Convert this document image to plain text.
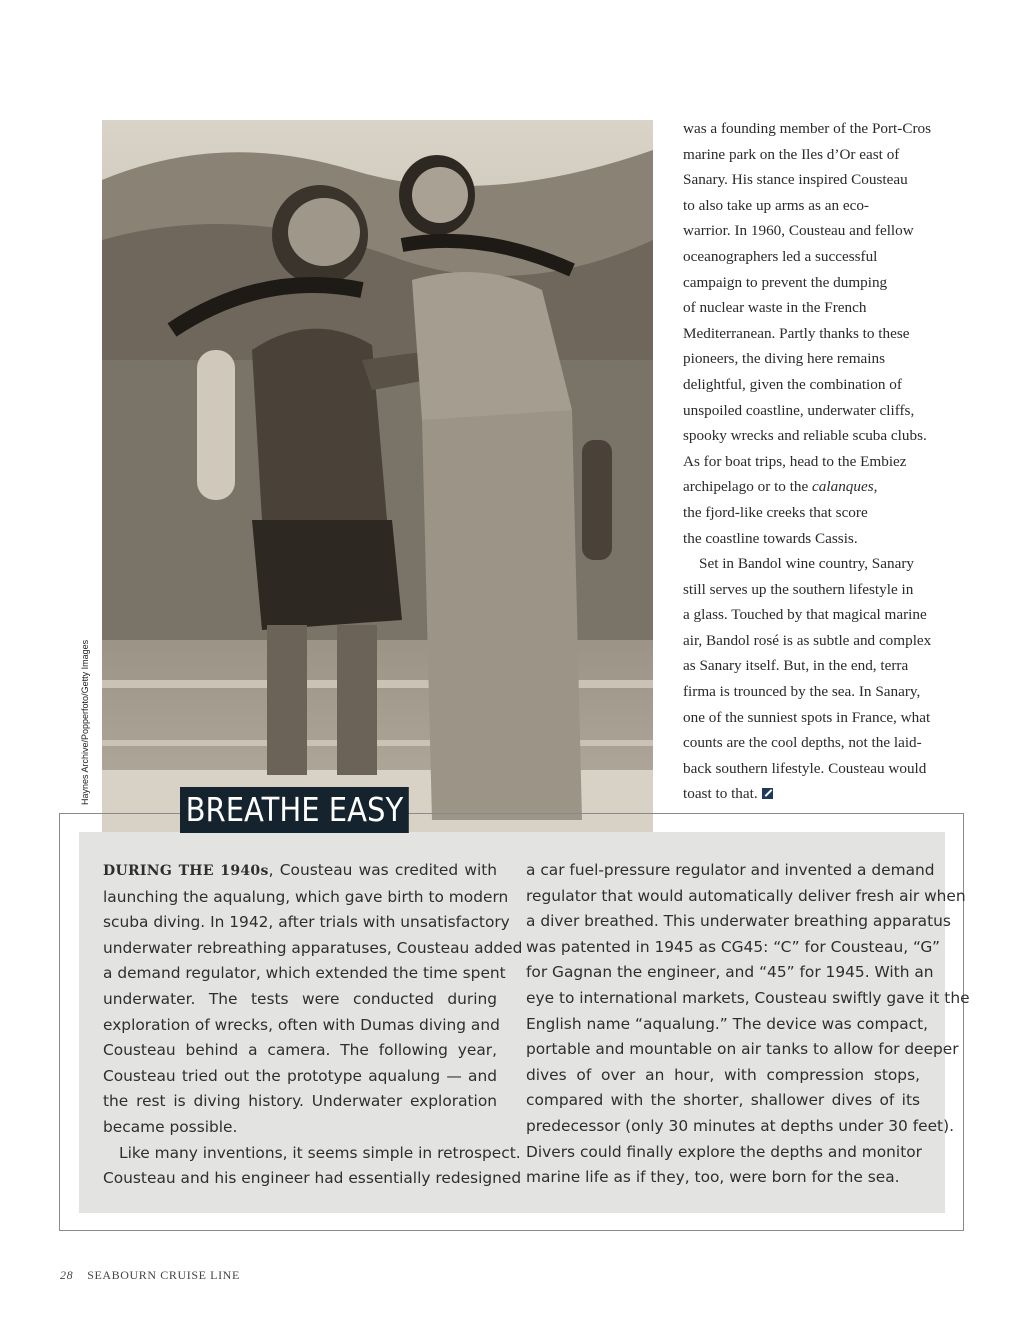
Haynes Archive/Popperfoto/Getty Images
was a founding member of the Port-Cros
marine park on the Iles d’Or east of
Sanary. His stance inspired Cousteau
to also take up arms as an eco-
warrior. In 1960, Cousteau and fellow
oceanographers led a successful
campaign to prevent the dumping
of nuclear waste in the French
Mediterranean. Partly thanks to these
pioneers, the diving here remains
delightful, given the combination of
unspoiled coastline, underwater cliffs,
spooky wrecks and reliable scuba clubs.
As for boat trips, head to the Embiez
archipelago or to the calanques,
the fjord-like creeks that score
the coastline towards Cassis.
Set in Bandol wine country, Sanary
still serves up the southern lifestyle in
a glass. Touched by that magical marine
air, Bandol rosé is as subtle and complex
as Sanary itself. But, in the end, terra
firma is trounced by the sea. In Sanary,
one of the sunniest spots in France, what
counts are the cool depths, not the laid-
back southern lifestyle. Cousteau would
toast to that.
BREATHE EASY
DURING THE 1940s, Cousteau was credited with
launching the aqualung, which gave birth to modern
scuba diving. In 1942, after trials with unsatisfactory
underwater rebreathing apparatuses, Cousteau added
a demand regulator, which extended the time spent
underwater. The tests were conducted during
exploration of wrecks, often with Dumas diving and
Cousteau behind a camera. The following year,
Cousteau tried out the prototype aqualung — and
the rest is diving history. Underwater exploration
became possible.
Like many inventions, it seems simple in retrospect.
Cousteau and his engineer had essentially redesigned
a car fuel-pressure regulator and invented a demand
regulator that would automatically deliver fresh air when
a diver breathed. This underwater breathing apparatus
was patented in 1945 as CG45: “C” for Cousteau, “G”
for Gagnan the engineer, and “45” for 1945. With an
eye to international markets, Cousteau swiftly gave it the
English name “aqualung.” The device was compact,
portable and mountable on air tanks to allow for deeper
dives of over an hour, with compression stops,
compared with the shorter, shallower dives of its
predecessor (only 30 minutes at depths under 30 feet).
Divers could finally explore the depths and monitor
marine life as if they, too, were born for the sea.
28 SEABOURN CRUISE LINE
